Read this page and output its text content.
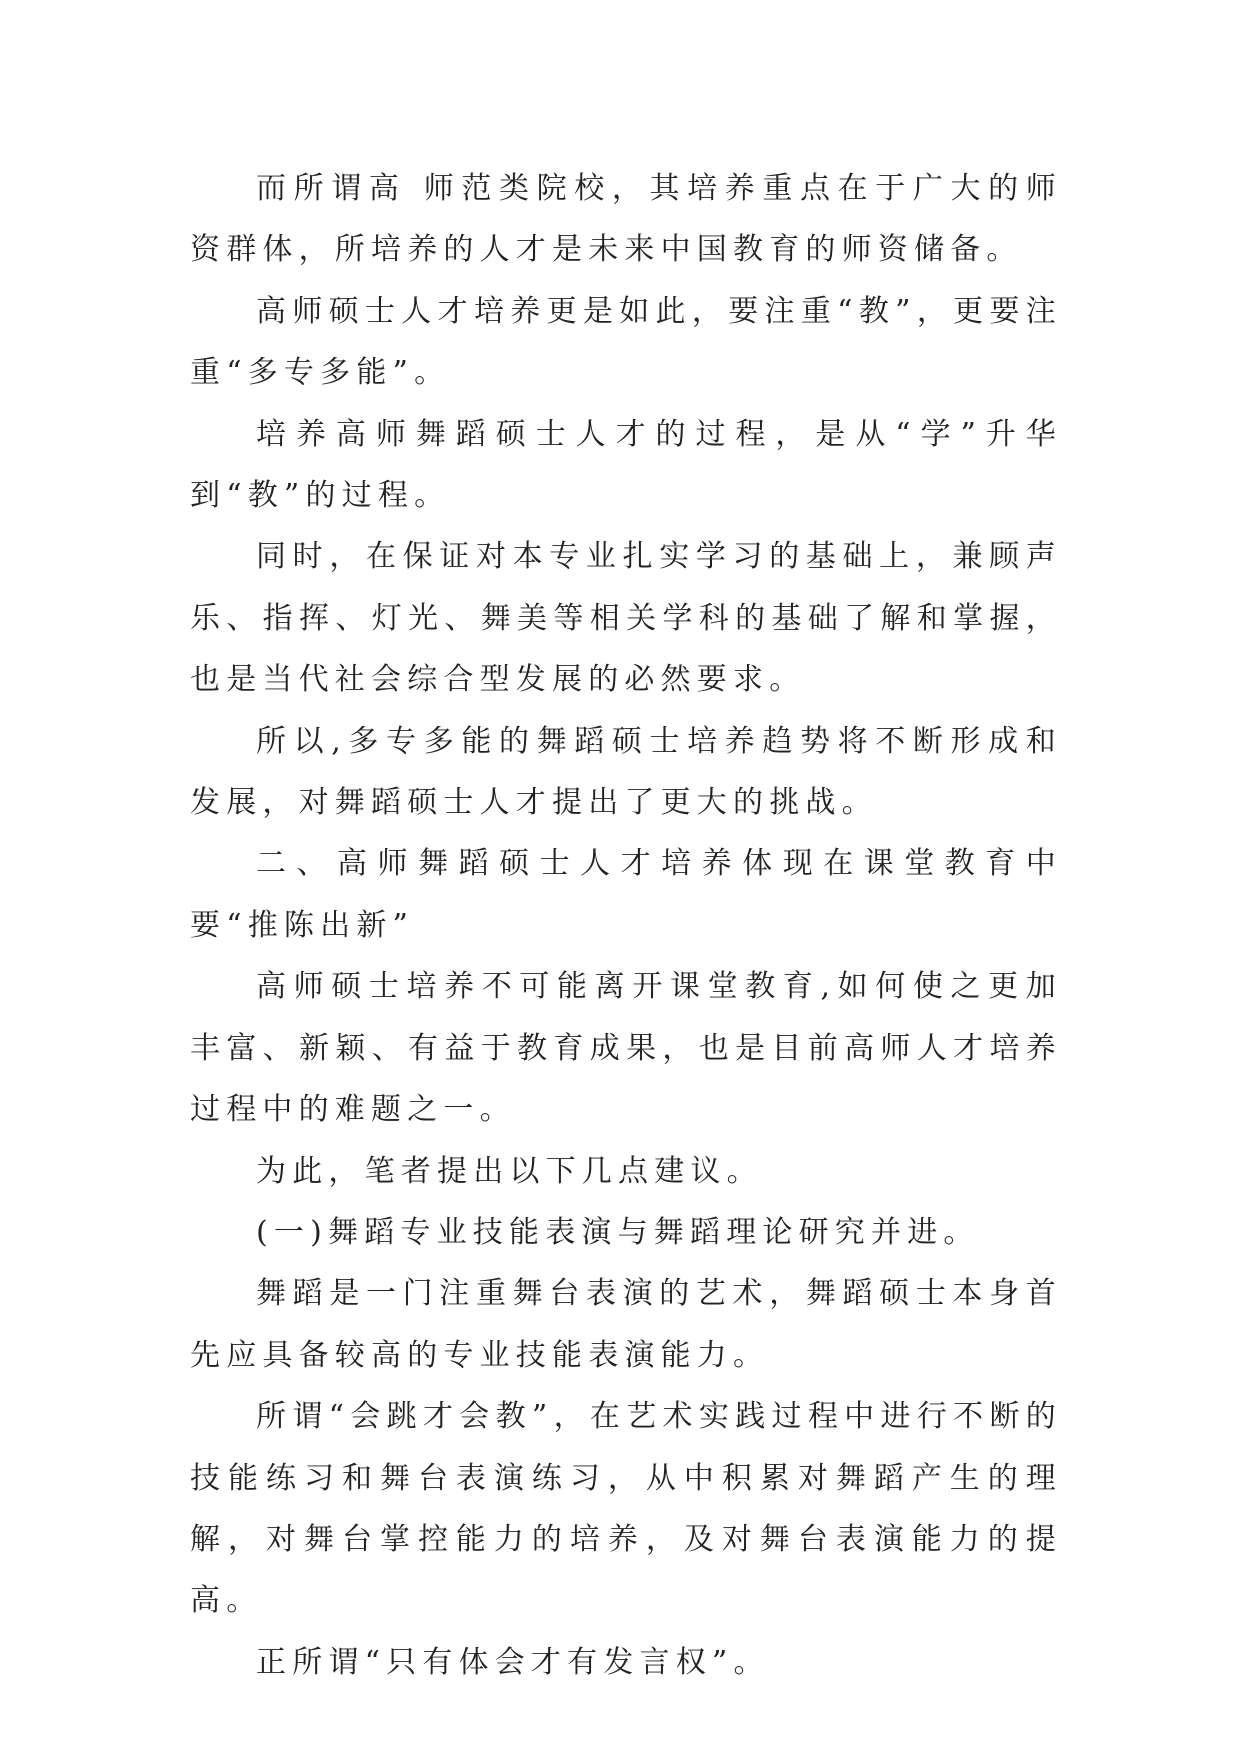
而所谓高 师范类院校，其培养重点在于广大的师资群体，所培养的人才是未来中国教育的师资储备。

高师硕士人才培养更是如此，要注重“教”，更要注重“多专多能”。

培养高师舞蹈硕士人才的过程，是从“学”升华到“教”的过程。

同时，在保证对本专业扎实学习的基础上，兼顾声乐、指挥、灯光、舞美等相关学科的基础了解和掌握，也是当代社会综合型发展的必然要求。

所以,多专多能的舞蹈硕士培养趋势将不断形成和发展，对舞蹈硕士人才提出了更大的挑战。

二、高师舞蹈硕士人才培养体现在课堂教育中要“推陈出新”

高师硕士培养不可能离开课堂教育,如何使之更加丰富、新颖、有益于教育成果，也是目前高师人才培养过程中的难题之一。

为此，笔者提出以下几点建议。

(一)舞蹈专业技能表演与舞蹈理论研究并进。

舞蹈是一门注重舞台表演的艺术，舞蹈硕士本身首先应具备较高的专业技能表演能力。

所谓“会跳才会教”，在艺术实践过程中进行不断的技能练习和舞台表演练习，从中积累对舞蹈产生的理解，对舞台掌控能力的培养，及对舞台表演能力的提高。

正所谓“只有体会才有发言权”。
